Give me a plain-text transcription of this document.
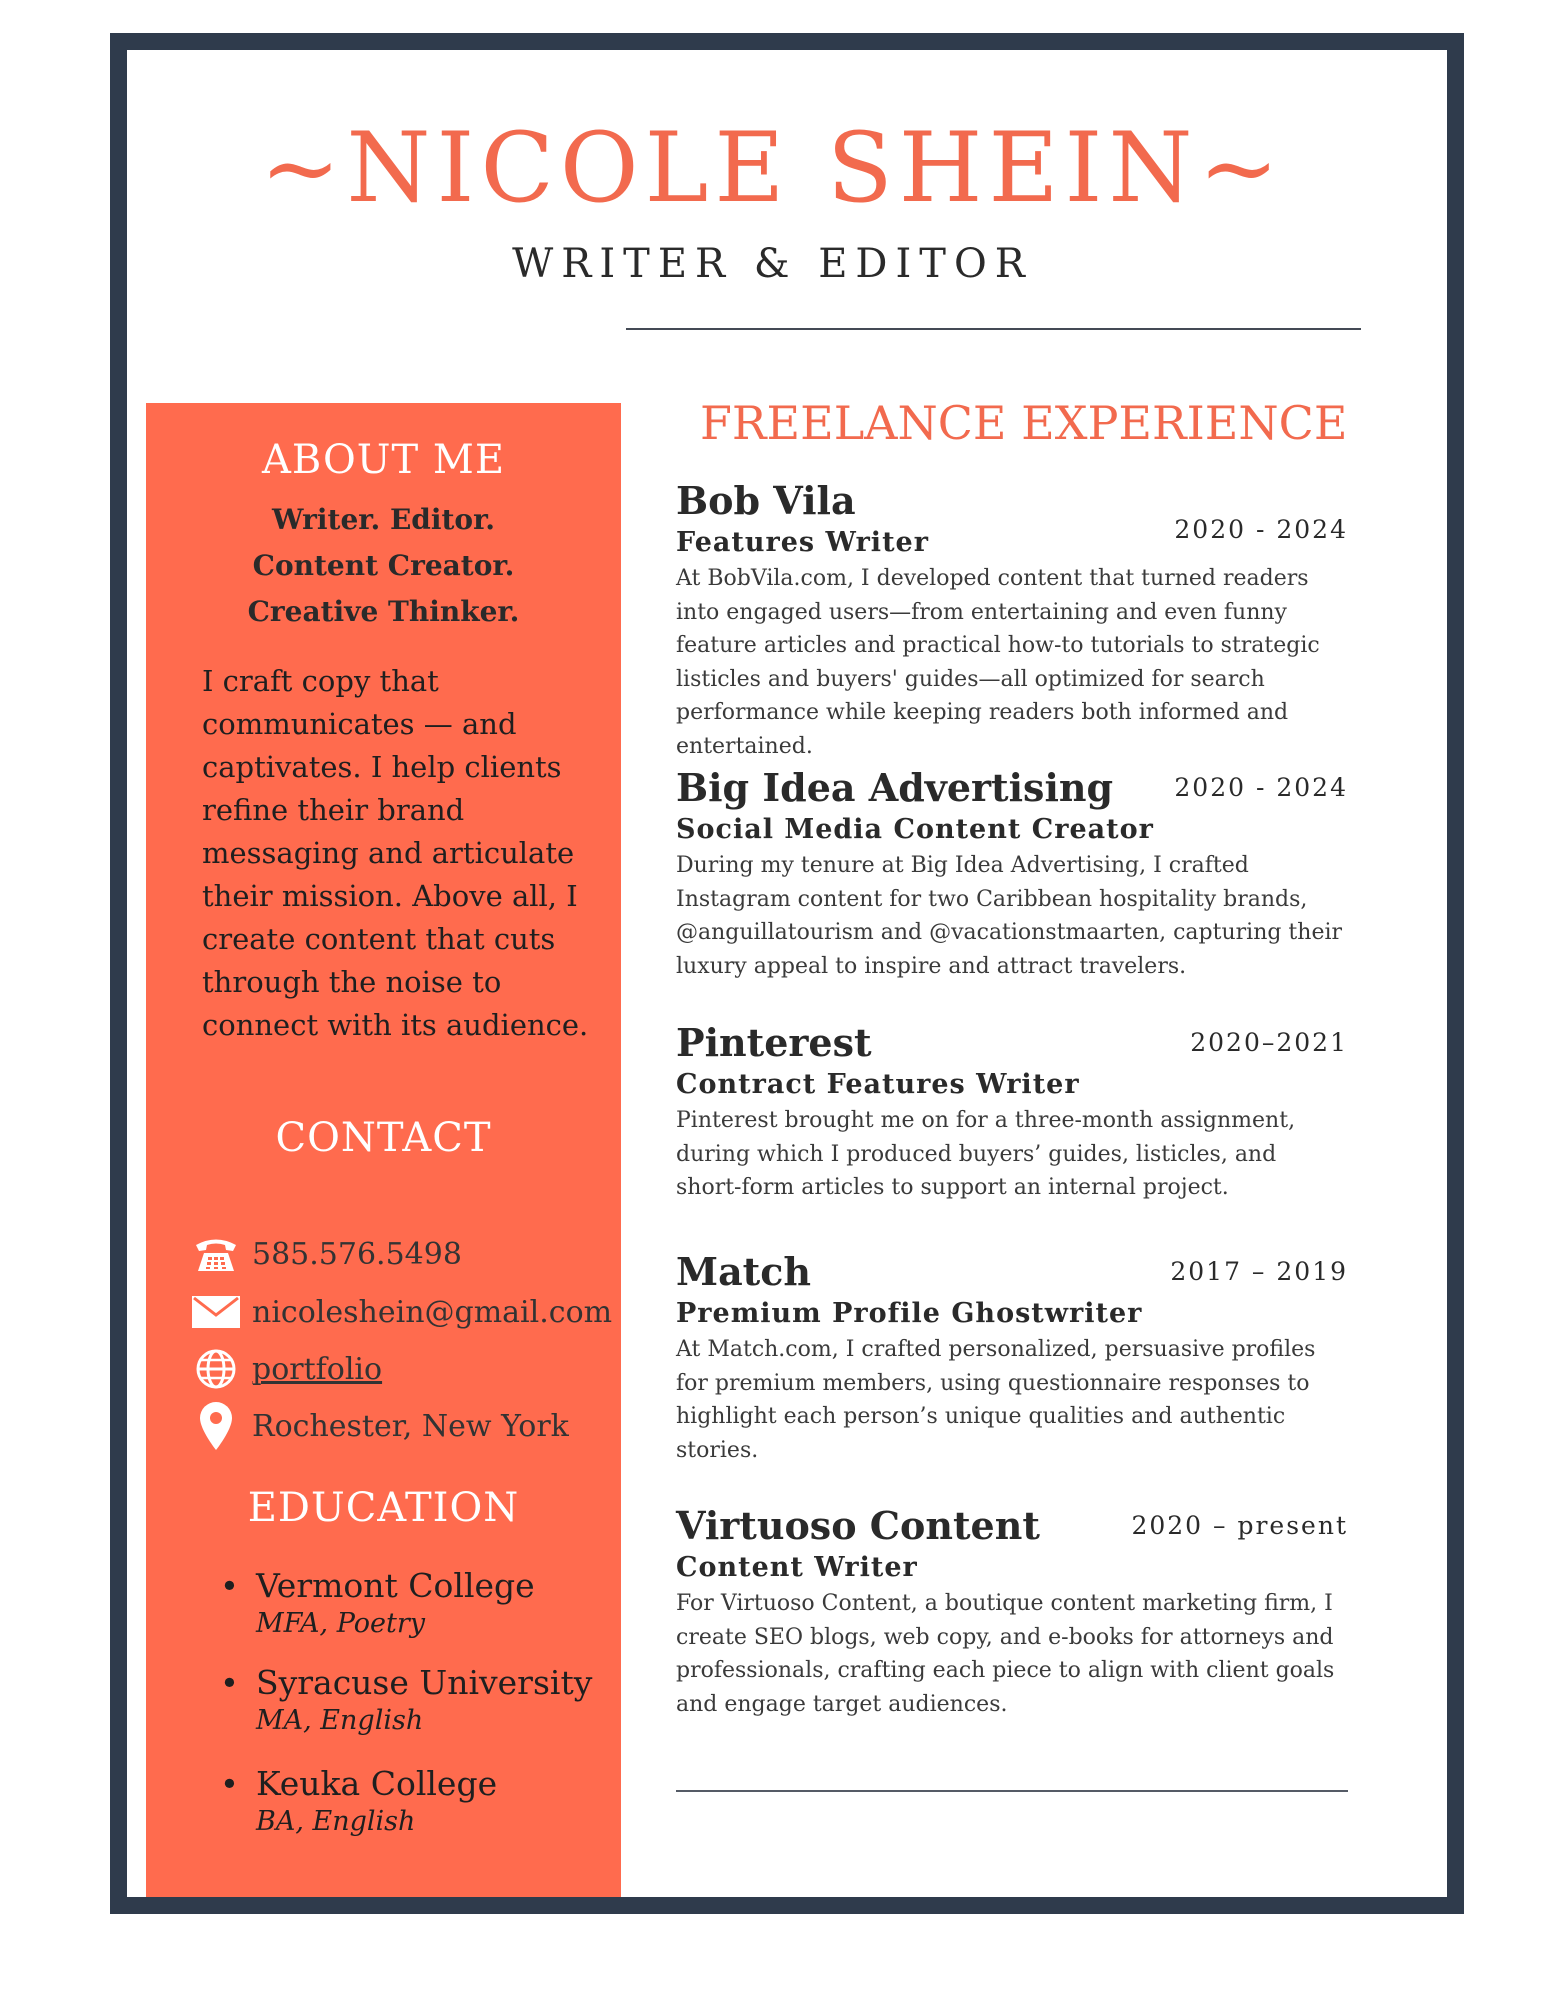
~NICOLE SHEIN~
WRITER & EDITOR
ABOUT ME
Writer. Editor.
Content Creator.
Creative Thinker.
I craft copy that communicates — and captivates. I help clients refine their brand messaging and articulate their mission. Above all, I create content that cuts through the noise to connect with its audience.
CONTACT
585.576.5498
nicoleshein@gmail.com
portfolio
Rochester, New York
EDUCATION
• Vermont College
MFA, Poetry
• Syracuse University
MA, English
• Keuka College
BA, English
FREELANCE EXPERIENCE
Bob Vila
2020 - 2024
Features Writer
At BobVila.com, I developed content that turned readers into engaged users—from entertaining and even funny feature articles and practical how-to tutorials to strategic listicles and buyers' guides—all optimized for search performance while keeping readers both informed and entertained.
Big Idea Advertising	2020 - 2024
Social Media Content Creator
During my tenure at Big Idea Advertising, I crafted Instagram content for two Caribbean hospitality brands, @anguillatourism and @vacationstmaarten, capturing their luxury appeal to inspire and attract travelers.
Pinterest	2020–2021
Contract Features Writer
Pinterest brought me on for a three-month assignment, during which I produced buyers’ guides, listicles, and short-form articles to support an internal project.
Match	2017 – 2019
Premium Profile Ghostwriter
At Match.com, I crafted personalized, persuasive profiles for premium members, using questionnaire responses to highlight each person’s unique qualities and authentic stories.
Virtuoso Content	2020 – present
Content Writer
For Virtuoso Content, a boutique content marketing firm, I create SEO blogs, web copy, and e-books for attorneys and professionals, crafting each piece to align with client goals and engage target audiences.
